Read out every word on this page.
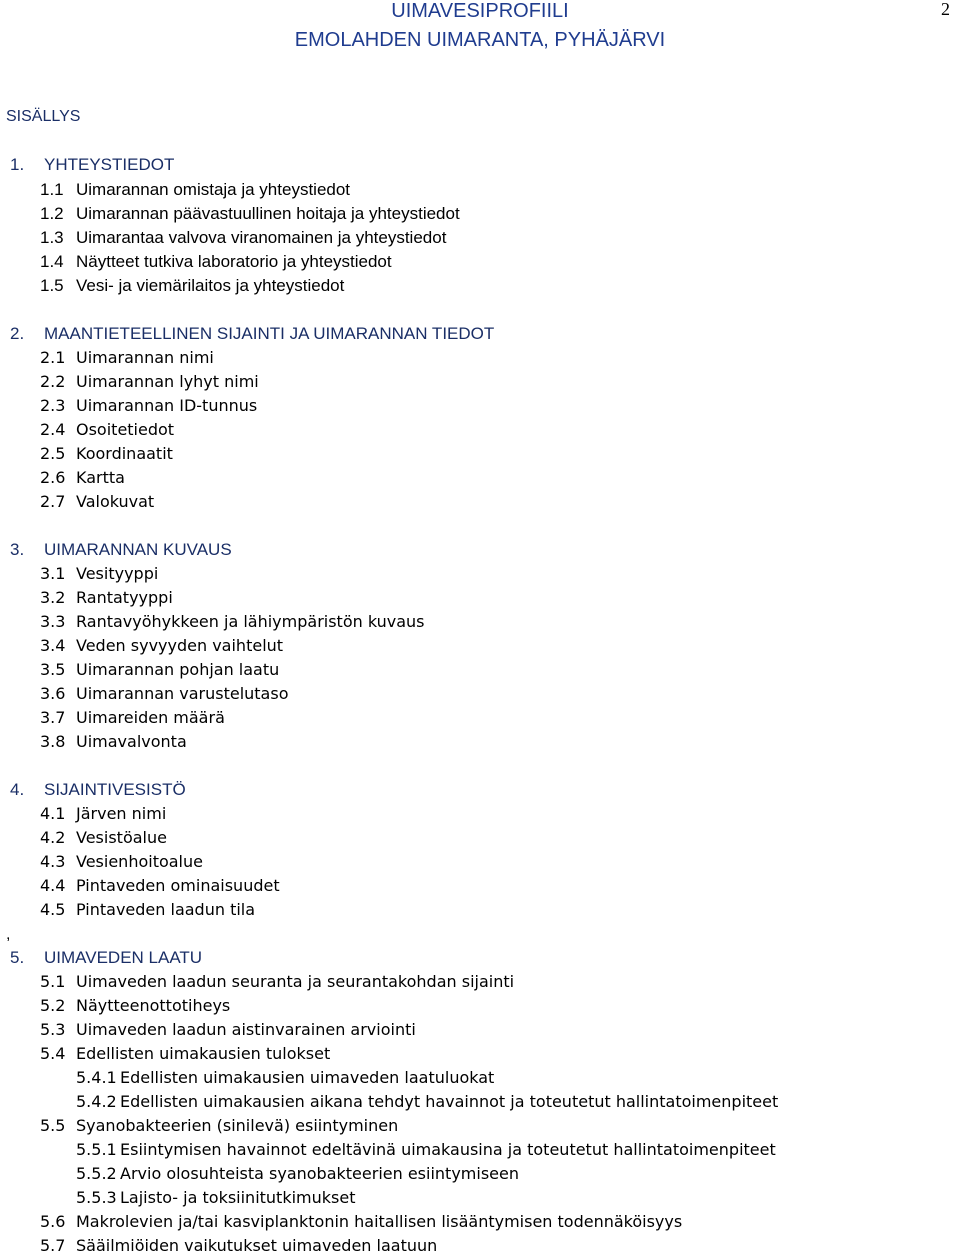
UIMAVESIPROFIILI
EMOLAHDEN UIMARANTA, PYHÄJÄRVI
2
SISÄLLYS
,
1. YHTEYSTIEDOT
1.1 Uimarannan omistaja ja yhteystiedot
1.2 Uimarannan päävastuullinen hoitaja ja yhteystiedot
1.3 Uimarantaa valvova viranomainen ja yhteystiedot
1.4 Näytteet tutkiva laboratorio ja yhteystiedot
1.5 Vesi- ja viemärilaitos ja yhteystiedot
2. MAANTIETEELLINEN SIJAINTI JA UIMARANNAN TIEDOT
2.1 Uimarannan nimi
2.2 Uimarannan lyhyt nimi
2.3 Uimarannan ID-tunnus
2.4 Osoitetiedot
2.5 Koordinaatit
2.6 Kartta
2.7 Valokuvat
3. UIMARANNAN KUVAUS
3.1 Vesityyppi
3.2 Rantatyyppi
3.3 Rantavyöhykkeen ja lähiympäristön kuvaus
3.4 Veden syvyyden vaihtelut
3.5 Uimarannan pohjan laatu
3.6 Uimarannan varustelutaso
3.7 Uimareiden määrä
3.8 Uimavalvonta
4. SIJAINTIVESISTÖ
4.1 Järven nimi
4.2 Vesistöalue
4.3 Vesienhoitoalue
4.4 Pintaveden ominaisuudet
4.5 Pintaveden laadun tila
5. UIMAVEDEN LAATU
5.1 Uimaveden laadun seuranta ja seurantakohdan sijainti
5.2 Näytteenottotiheys
5.3 Uimaveden laadun aistinvarainen arviointi
5.4 Edellisten uimakausien tulokset
5.4.1 Edellisten uimakausien uimaveden laatuluokat
5.4.2 Edellisten uimakausien aikana tehdyt havainnot ja toteutetut hallintatoimenpiteet
5.5 Syanobakteerien (sinilevä) esiintyminen
5.5.1 Esiintymisen havainnot edeltävinä uimakausina ja toteutetut hallintatoimenpiteet
5.5.2 Arvio olosuhteista syanobakteerien esiintymiseen
5.5.3 Lajisto- ja toksiinitutkimukset
5.6 Makrolevien ja/tai kasviplanktonin haitallisen lisääntymisen todennäköisyys
5.7 Sääilmiöiden vaikutukset uimaveden laatuun
